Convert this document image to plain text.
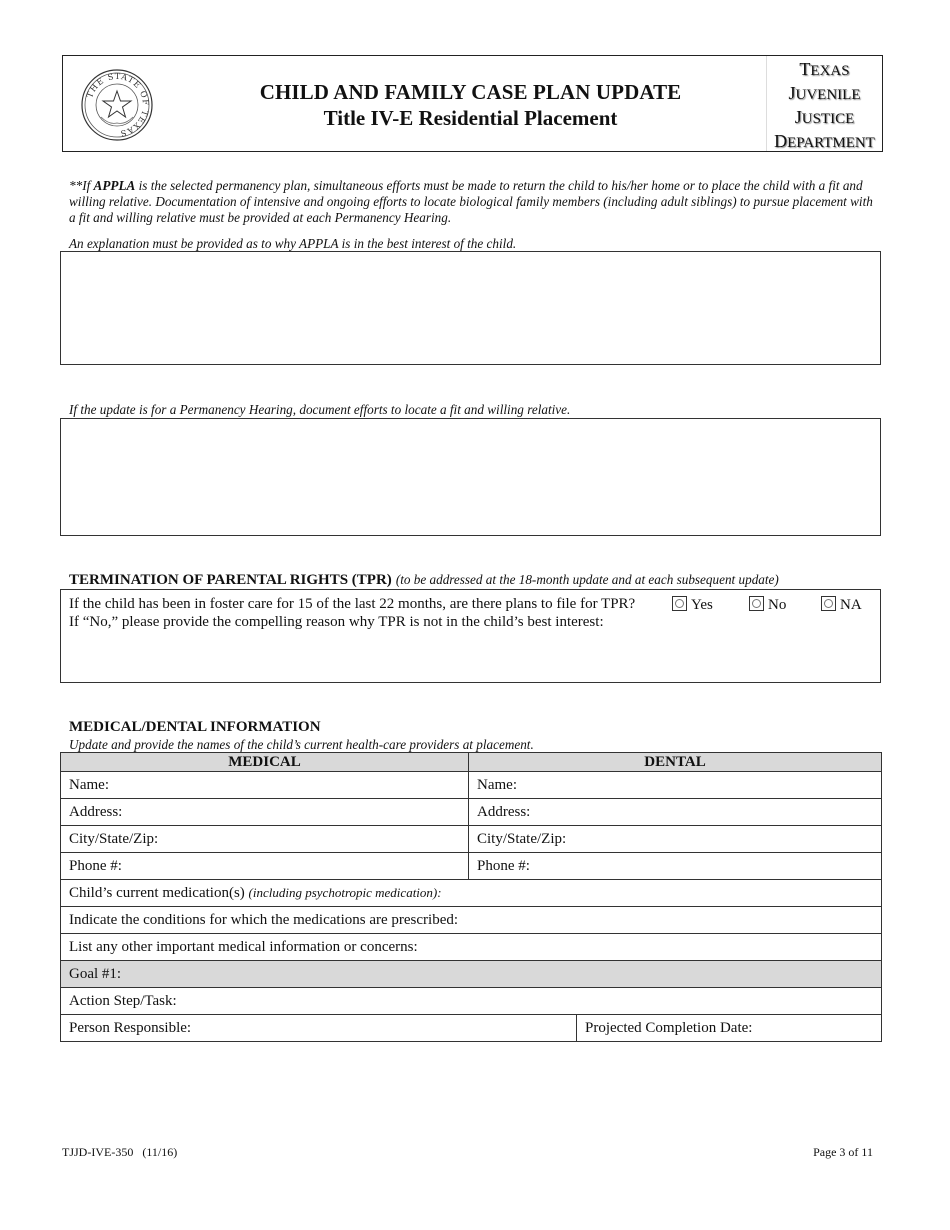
THE STATE OF TEXAS
CHILD AND FAMILY CASE PLAN UPDATE
Title IV-E Residential Placement
TEXAS
JUVENILE
JUSTICE
DEPARTMENT
**If APPLA is the selected permanency plan, simultaneous efforts must be made to return the child to his/her home or to place the child with a fit and willing relative. Documentation of intensive and ongoing efforts to locate biological family members (including adult siblings) to pursue placement with a fit and willing relative must be provided at each Permanency Hearing.
An explanation must be provided as to why APPLA is in the best interest of the child.
If the update is for a Permanency Hearing, document efforts to locate a fit and willing relative.
TERMINATION OF PARENTAL RIGHTS (TPR) (to be addressed at the 18-month update and at each subsequent update)
If the child has been in foster care for 15 of the last 22 months, are there plans to file for TPR?	Yes	No	NA
If “No,” please provide the compelling reason why TPR is not in the child’s best interest:
MEDICAL/DENTAL INFORMATION
Update and provide the names of the child’s current health-care providers at placement.
MEDICAL	DENTAL	
Name:	Name:	
Address:	Address:	
City/State/Zip:	City/State/Zip:	
Phone #:	Phone #:	
Child’s current medication(s) (including psychotropic medication):		
Indicate the conditions for which the medications are prescribed:		
List any other important medical information or concerns:		
Goal #1:		
Action Step/Task:		
Person Responsible:		Projected Completion Date:
TJJD-IVE-350   (11/16)	Page 3 of 11
